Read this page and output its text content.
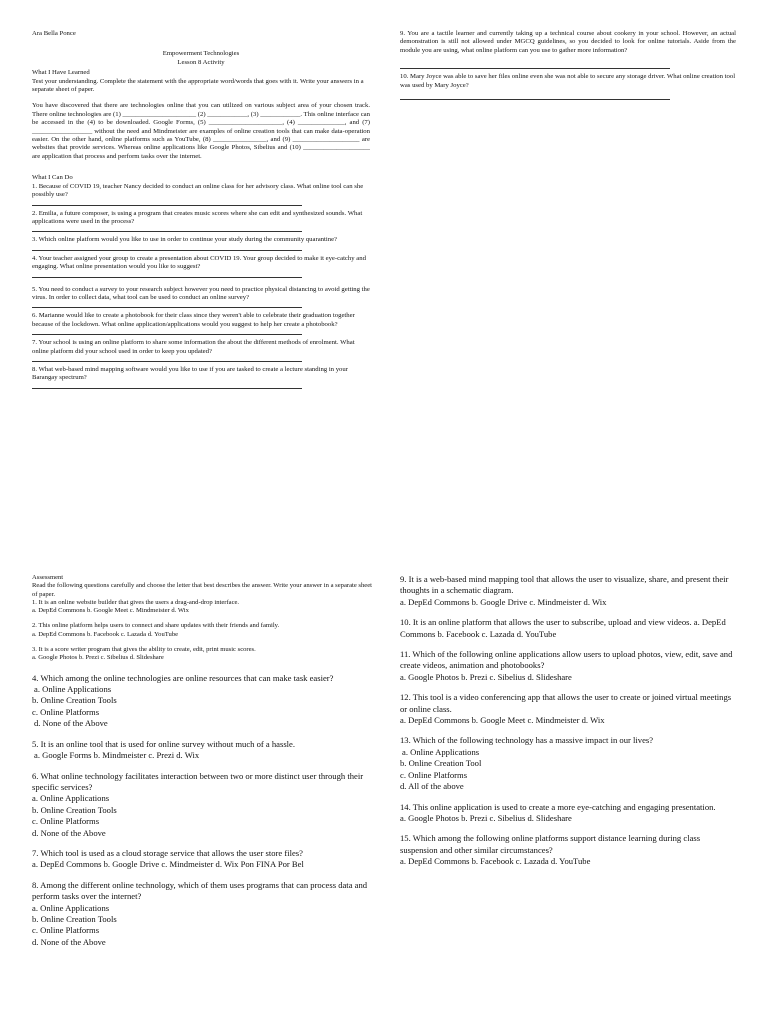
Ara Bella Ponce
Empowerment Technologies
Lesson 8 Activity
What I Have Learned
Test your understanding. Complete the statement with the appropriate word/words that goes with it. Write your answers in a separate sheet of paper.
You have discovered that there are technologies online that you can utilized on various subject area of your chosen track. There online technologies are (1) ______________________ (2) ____________, (3) ____________. This online interface can be accessed in the (4) to be downloaded. Google Forms, (5) ______________________, (4) ______________, and (7) __________________ without the need and Mindmeister are examples of online creation tools that can make data-operation easier. On the other hand, online platforms such as YouTube, (8) ________________, and (9) ____________________ are websites that provide services. Whereas online applications like Google Photos, Sibelius and (10) ____________________ are application that process and perform tasks over the internet.
What I Can Do
1. Because of COVID 19, teacher Nancy decided to conduct an online class for her advisory class. What online tool can she possibly use?
2. Emilia, a future composer, is using a program that creates music scores where she can edit and synthesized sounds. What applications were used in the process?
3. Which online platform would you like to use in order to continue your study during the community quarantine?
4. Your teacher assigned your group to create a presentation about COVID 19. Your group decided to make it eye-catchy and engaging. What online presentation would you like to suggest?
5. You need to conduct a survey to your research subject however you need to practice physical distancing to avoid getting the virus. In order to collect data, what tool can be used to conduct an online survey?
6. Marianne would like to create a photobook for their class since they weren't able to celebrate their graduation together because of the lockdown. What online application/applications would you suggest to help her create a photobook?
7. Your school is using an online platform to share some information the about the different methods of enrolment. What online platform did your school used in order to keep you updated?
8. What web-based mind mapping software would you like to use if you are tasked to create a lecture standing in your Barangay spectrum?
9. You are a tactile learner and currently taking up a technical course about cookery in your school. However, an actual demonstration is still not allowed under MGCQ guidelines, so you decided to look for online tutorials. Aside from the module you are using, what online platform can you use to gather more information?
10. Mary Joyce was able to save her files online even she was not able to secure any storage driver. What online creation tool was used by Mary Joyce?
Assessment
Read the following questions carefully and choose the letter that best describes the answer. Write your answer in a separate sheet of paper.
1. It is an online website builder that gives the users a drag-and-drop interface.
a. DepEd Commons b. Google Meet c. Mindmeister d. Wix
2. This online platform helps users to connect and share updates with their friends and family.
a. DepEd Commons b. Facebook c. Lazada d. YouTube
3. It is a score writer program that gives the ability to create, edit, print music scores.
a. Google Photos b. Prezi c. Sibelius d. Slideshare
4. Which among the online technologies are online resources that can make task easier?
a. Online Applications
b. Online Creation Tools
c. Online Platforms
d. None of the Above
5. It is an online tool that is used for online survey without much of a hassle.
a. Google Forms b. Mindmeister c. Prezi d. Wix
6. What online technology facilitates interaction between two or more distinct user through their specific services?
a. Online Applications
b. Online Creation Tools
c. Online Platforms
d. None of the Above
7. Which tool is used as a cloud storage service that allows the user store files?
a. DepEd Commons b. Google Drive c. Mindmeister d. Wix Pon FINA Por Bel
8. Among the different online technology, which of them uses programs that can process data and perform tasks over the internet?
a. Online Applications
b. Online Creation Tools
c. Online Platforms
d. None of the Above
9. It is a web-based mind mapping tool that allows the user to visualize, share, and present their thoughts in a schematic diagram.
a. DepEd Commons b. Google Drive c. Mindmeister d. Wix
10. It is an online platform that allows the user to subscribe, upload and view videos. a. DepEd Commons b. Facebook c. Lazada d. YouTube
11. Which of the following online applications allow users to upload photos, view, edit, save and create videos, animation and photobooks?
a. Google Photos b. Prezi c. Sibelius d. Slideshare
12. This tool is a video conferencing app that allows the user to create or joined virtual meetings or online class.
a. DepEd Commons b. Google Meet c. Mindmeister d. Wix
13. Which of the following technology has a massive impact in our lives?
a. Online Applications
b. Online Creation Tool
c. Online Platforms
d. All of the above
14. This online application is used to create a more eye-catching and engaging presentation.
a. Google Photos b. Prezi c. Sibelius d. Slideshare
15. Which among the following online platforms support distance learning during class suspension and other similar circumstances?
a. DepEd Commons b. Facebook c. Lazada d. YouTube
